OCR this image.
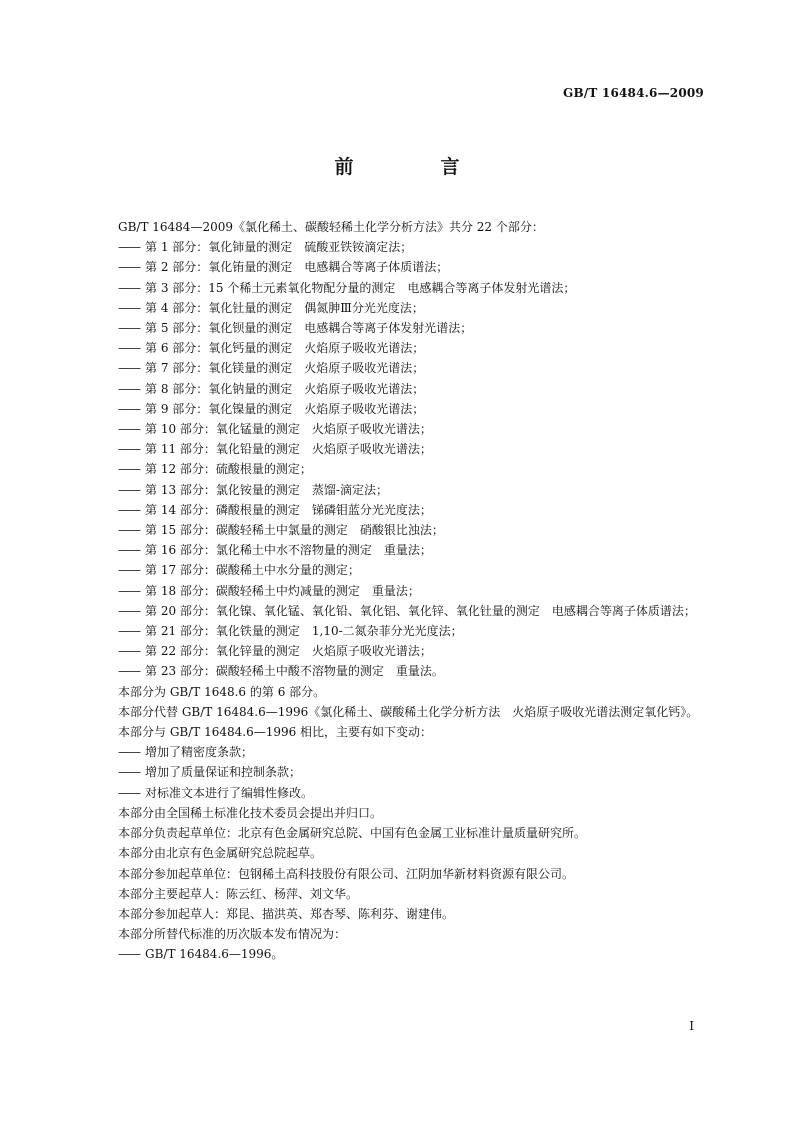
GB/T 16484.6—2009
前　言
GB/T 16484—2009《氯化稀土、碳酸轻稀土化学分析方法》共分 22 个部分：
—— 第 1 部分：氧化铈量的测定　硫酸亚铁铵滴定法；
—— 第 2 部分：氧化铕量的测定　电感耦合等离子体质谱法；
—— 第 3 部分：15 个稀土元素氧化物配分量的测定　电感耦合等离子体发射光谱法；
—— 第 4 部分：氧化钍量的测定　偶氮胂Ⅲ分光光度法；
—— 第 5 部分：氧化钡量的测定　电感耦合等离子体发射光谱法；
—— 第 6 部分：氧化钙量的测定　火焰原子吸收光谱法；
—— 第 7 部分：氧化镁量的测定　火焰原子吸收光谱法；
—— 第 8 部分：氧化钠量的测定　火焰原子吸收光谱法；
—— 第 9 部分：氧化镍量的测定　火焰原子吸收光谱法；
—— 第 10 部分：氧化锰量的测定　火焰原子吸收光谱法；
—— 第 11 部分：氧化铅量的测定　火焰原子吸收光谱法；
—— 第 12 部分：硫酸根量的测定；
—— 第 13 部分：氯化铵量的测定　蒸馏-滴定法；
—— 第 14 部分：磷酸根量的测定　锑磷钼蓝分光光度法；
—— 第 15 部分：碳酸轻稀土中氯量的测定　硝酸银比浊法；
—— 第 16 部分：氯化稀土中水不溶物量的测定　重量法；
—— 第 17 部分：碳酸稀土中水分量的测定；
—— 第 18 部分：碳酸轻稀土中灼减量的测定　重量法；
—— 第 20 部分：氧化镍、氧化锰、氧化铅、氧化铝、氧化锌、氧化钍量的测定　电感耦合等离子体质谱法；
—— 第 21 部分：氧化铁量的测定　1,10-二氮杂菲分光光度法；
—— 第 22 部分：氧化锌量的测定　火焰原子吸收光谱法；
—— 第 23 部分：碳酸轻稀土中酸不溶物量的测定　重量法。
本部分为 GB/T 1648.6 的第 6 部分。
本部分代替 GB/T 16484.6—1996《氯化稀土、碳酸稀土化学分析方法　火焰原子吸收光谱法测定氧化钙》。
本部分与 GB/T 16484.6—1996 相比，主要有如下变动：
—— 增加了精密度条款；
—— 增加了质量保证和控制条款；
—— 对标准文本进行了编辑性修改。
本部分由全国稀土标准化技术委员会提出并归口。
本部分负责起草单位：北京有色金属研究总院、中国有色金属工业标准计量质量研究所。
本部分由北京有色金属研究总院起草。
本部分参加起草单位：包钢稀土高科技股份有限公司、江阴加华新材料资源有限公司。
本部分主要起草人：陈云红、杨萍、刘文华。
本部分参加起草人：郑昆、描洪英、郑杏琴、陈利芬、谢建伟。
本部分所替代标准的历次版本发布情况为：
—— GB/T 16484.6—1996。
I
